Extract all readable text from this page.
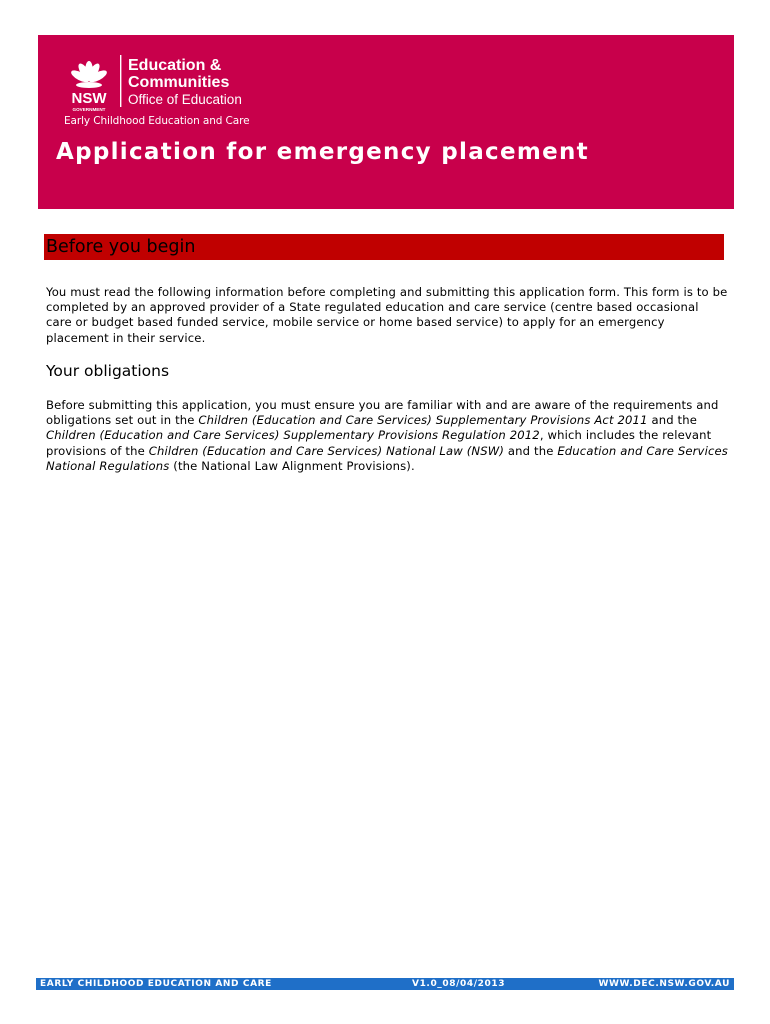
NSW
GOVERNMENT
Education &
Communities
Office of Education
Early Childhood Education and Care
Application for emergency placement
Before you begin
You must read the following information before completing and submitting this application form. This form is to be completed by an approved provider of a State regulated education and care service (centre based occasional care or budget based funded service, mobile service or home based service) to apply for an emergency placement in their service.
Your obligations
Before submitting this application, you must ensure you are familiar with and are aware of the requirements and obligations set out in the Children (Education and Care Services) Supplementary Provisions Act 2011 and the Children (Education and Care Services) Supplementary Provisions Regulation 2012, which includes the relevant provisions of the Children (Education and Care Services) National Law (NSW) and the Education and Care Services National Regulations (the National Law Alignment Provisions).
EARLY CHILDHOOD EDUCATION AND CARE	V1.0_08/04/2013	WWW.DEC.NSW.GOV.AU
